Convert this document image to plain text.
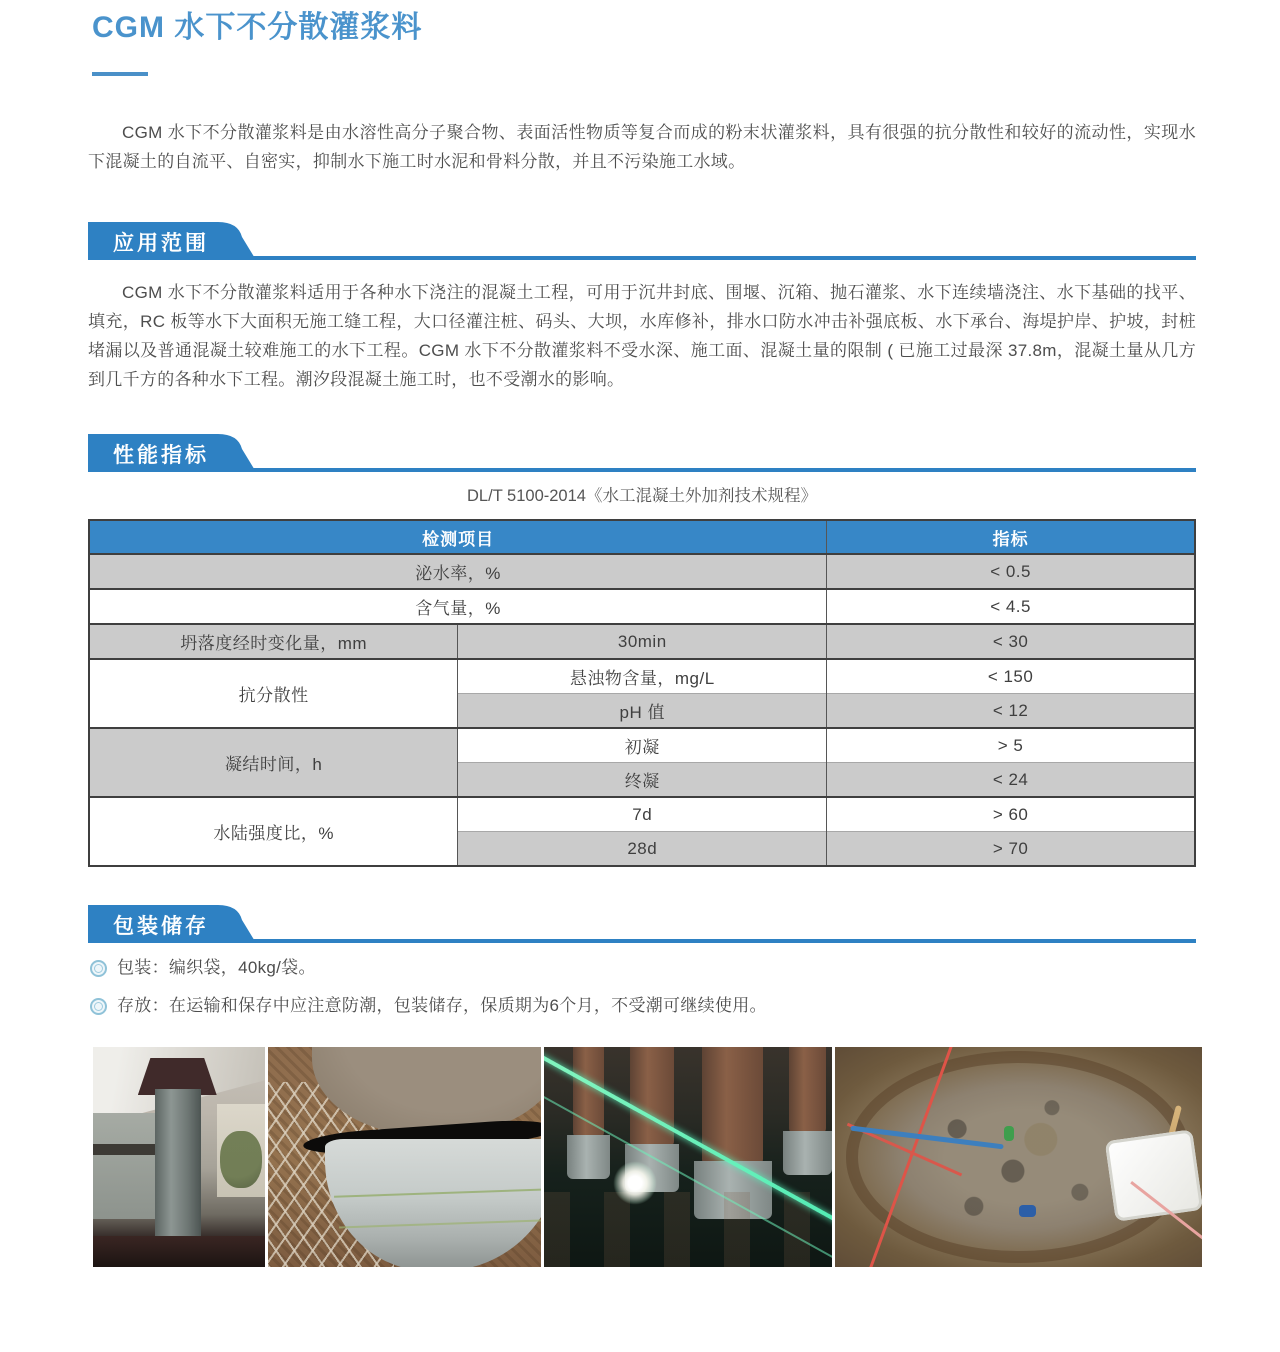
CGM 水下不分散灌浆料

CGM 水下不分散灌浆料是由水溶性高分子聚合物、表面活性物质等复合而成的粉末状灌浆料，具有很强的抗分散性和较好的流动性，实现水下混凝土的自流平、自密实，抑制水下施工时水泥和骨料分散，并且不污染施工水域。

应用范围

CGM 水下不分散灌浆料适用于各种水下浇注的混凝土工程，可用于沉井封底、围堰、沉箱、抛石灌浆、水下连续墙浇注、水下基础的找平、填充，RC 板等水下大面积无施工缝工程，大口径灌注桩、码头、大坝，水库修补，排水口防水冲击补强底板、水下承台、海堤护岸、护坡，封桩堵漏以及普通混凝土较难施工的水下工程。CGM 水下不分散灌浆料不受水深、施工面、混凝土量的限制 ( 已施工过最深 37.8m，混凝土量从几方到几千方的各种水下工程。潮汐段混凝土施工时，也不受潮水的影响。

性能指标

DL/T 5100-2014《水工混凝土外加剂技术规程》

检测项目		指标
泌水率，%		< 0.5
含气量，%		< 4.5
坍落度经时变化量，mm	30min	< 30
抗分散性	悬浊物含量，mg/L	< 150
	pH 值	< 12
凝结时间，h	初凝	> 5
	终凝	< 24
水陆强度比，%	7d	> 60
	28d	> 70
包装储存
包装：编织袋，40kg/袋。
存放：在运输和保存中应注意防潮，包装储存，保质期为6个月，不受潮可继续使用。
